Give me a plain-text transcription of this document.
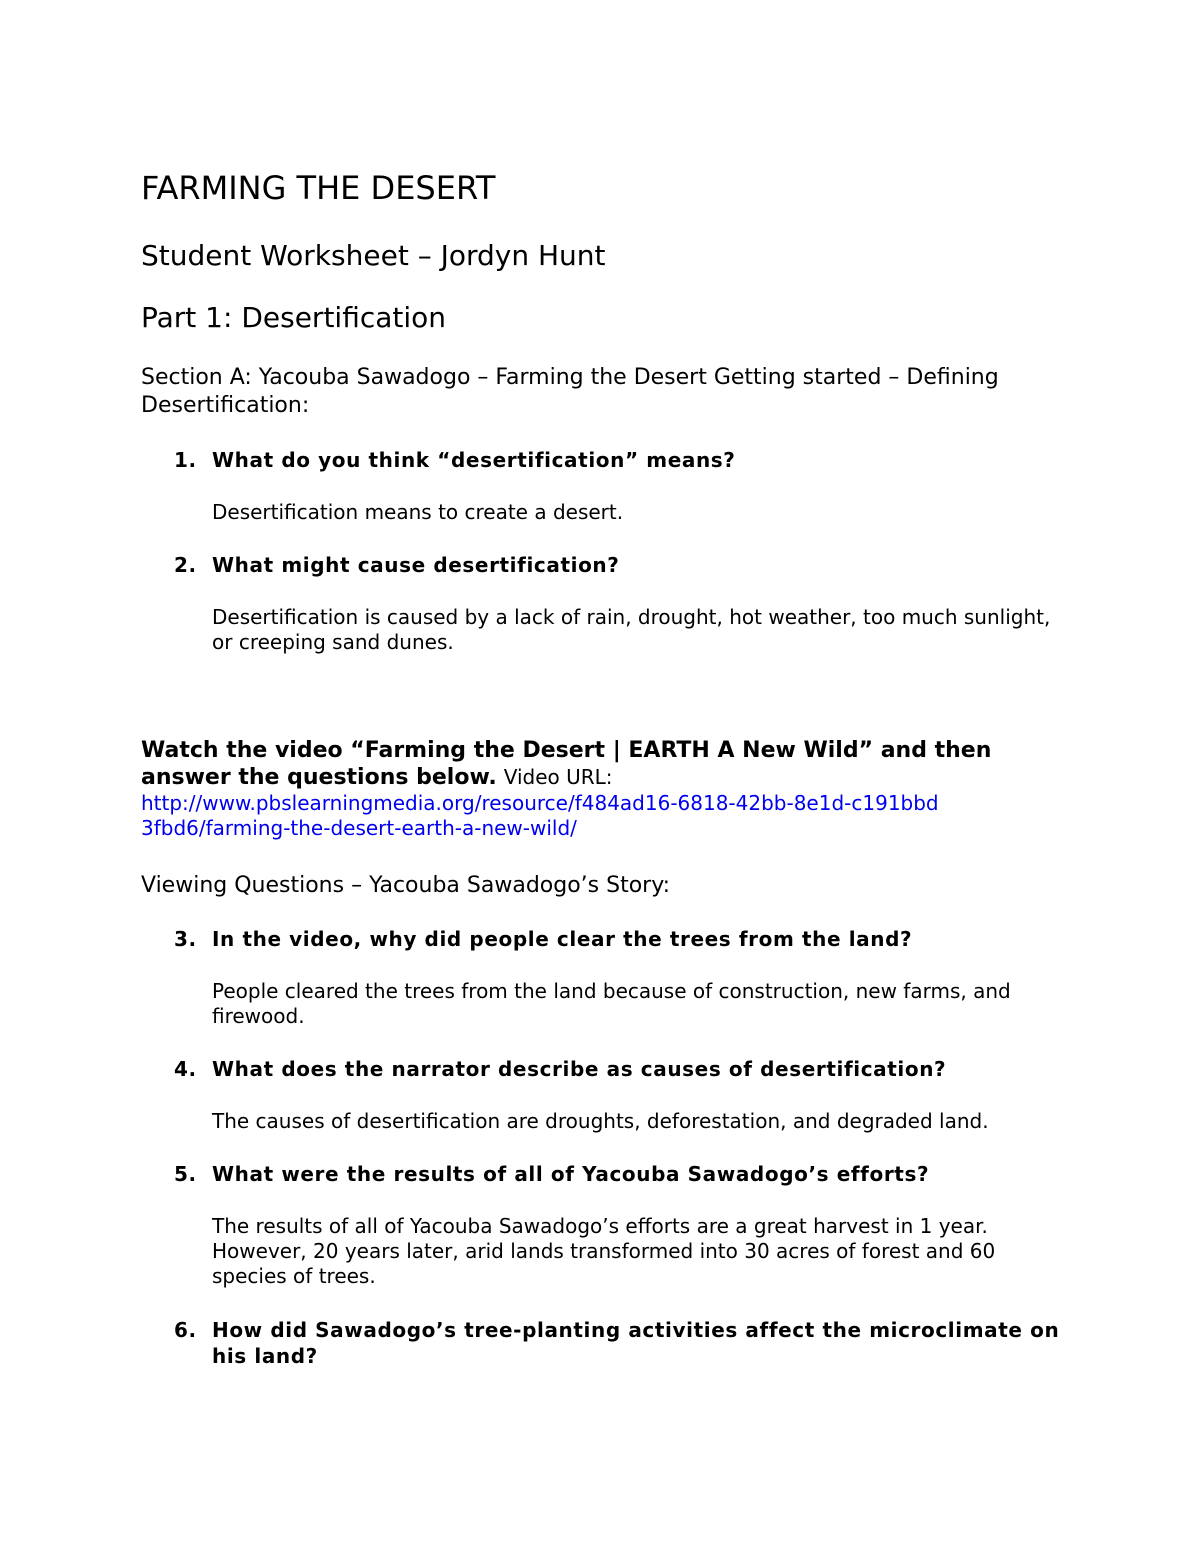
FARMING THE DESERT
Student Worksheet – Jordyn Hunt
Part 1: Desertification

Section A: Yacouba Sawadogo – Farming the Desert Getting started – Defining Desertification:

1. What do you think “desertification” means?

Desertification means to create a desert.

2. What might cause desertification?

Desertification is caused by a lack of rain, drought, hot weather, too much sunlight, or creeping sand dunes.

Watch the video “Farming the Desert | EARTH A New Wild” and then answer the questions below. Video URL:
http://www.pbslearningmedia.org/resource/f484ad16-6818-42bb-8e1d-c191bbd3fbd6/farming-the-desert-earth-a-new-wild/

Viewing Questions – Yacouba Sawadogo’s Story:

3. In the video, why did people clear the trees from the land?

People cleared the trees from the land because of construction, new farms, and firewood.

4. What does the narrator describe as causes of desertification?

The causes of desertification are droughts, deforestation, and degraded land.

5. What were the results of all of Yacouba Sawadogo’s efforts?

The results of all of Yacouba Sawadogo’s efforts are a great harvest in 1 year. However, 20 years later, arid lands transformed into 30 acres of forest and 60 species of trees.

6. How did Sawadogo’s tree-planting activities affect the microclimate on his land?
